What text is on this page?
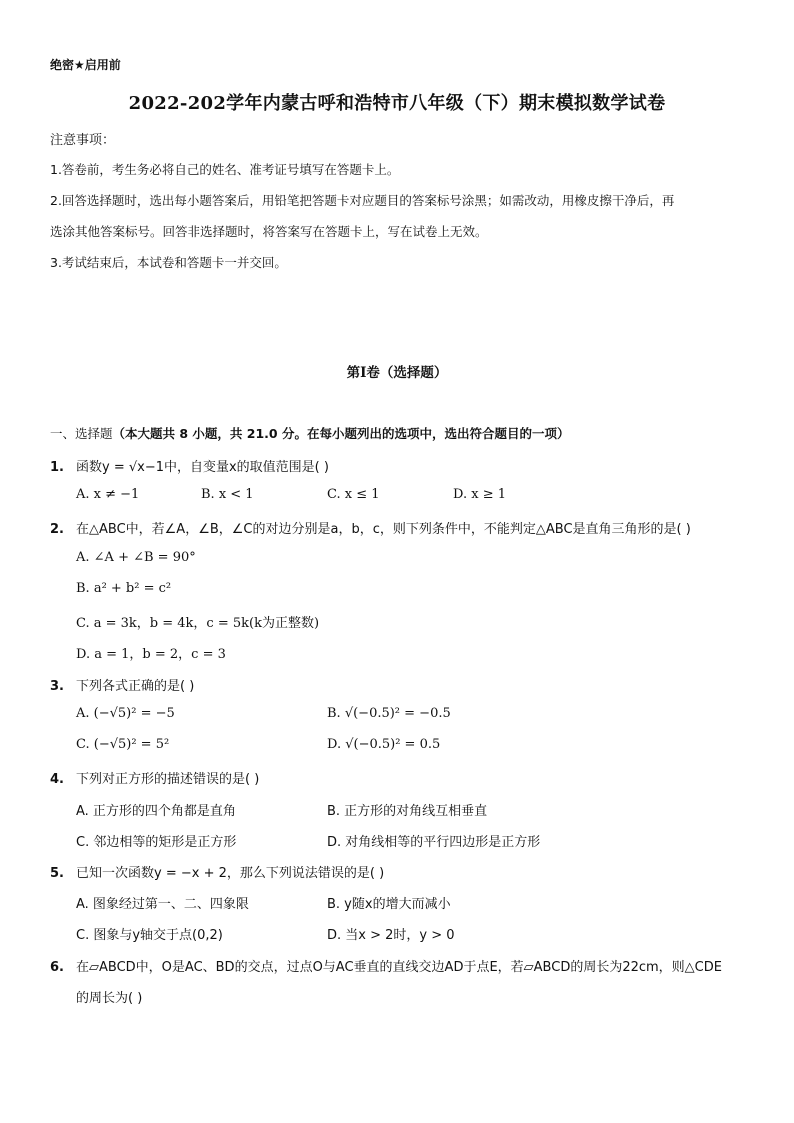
绝密★启用前
2022-202学年内蒙古呼和浩特市八年级（下）期末模拟数学试卷
注意事项：
1.答卷前，考生务必将自己的姓名、准考证号填写在答题卡上。
2.回答选择题时，选出每小题答案后，用铅笔把答题卡对应题目的答案标号涂黑；如需改动，用橡皮擦干净后，再
选涂其他答案标号。回答非选择题时，将答案写在答题卡上，写在试卷上无效。
3.考试结束后，本试卷和答题卡一并交回。
第Ⅰ卷（选择题）
一、选择题（本大题共 8 小题，共 21.0 分。在每小题列出的选项中，选出符合题目的一项）
1. 函数y = √x−1中，自变量x的取值范围是( )
A. x ≠ −1	B. x < 1	C. x ≤ 1	D. x ≥ 1
2. 在△ABC中，若∠A，∠B，∠C的对边分别是a，b，c，则下列条件中，不能判定△ABC是直角三角形的是( )
A. ∠A + ∠B = 90°
B. a² + b² = c²
C. a = 3k，b = 4k，c = 5k(k为正整数)
D. a = 1，b = 2，c = 3
3. 下列各式正确的是( )
A. (−√5)² = −5	B. √(−0.5)² = −0.5
C. (−√5)² = 5²	D. √(−0.5)² = 0.5
4. 下列对正方形的描述错误的是( )
A. 正方形的四个角都是直角	B. 正方形的对角线互相垂直
C. 邻边相等的矩形是正方形	D. 对角线相等的平行四边形是正方形
5. 已知一次函数y = −x + 2，那么下列说法错误的是( )
A. 图象经过第一、二、四象限	B. y随x的增大而减小
C. 图象与y轴交于点(0,2)	D. 当x > 2时，y > 0
6. 在▱ABCD中，O是AC、BD的交点，过点O与AC垂直的直线交边AD于点E，若▱ABCD的周长为22cm，则△CDE
的周长为( )
